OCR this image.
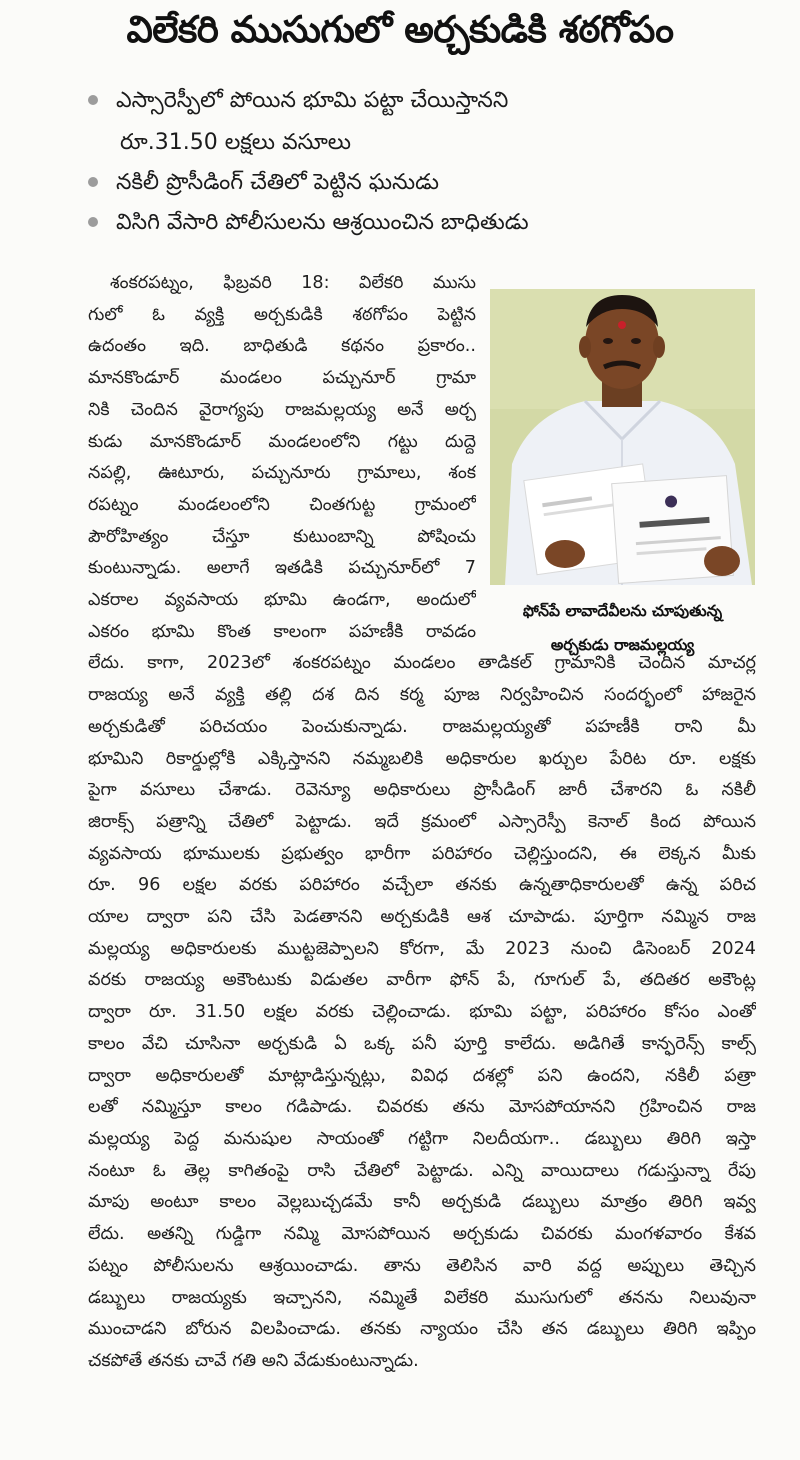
విలేకరి ముసుగులో అర్చకుడికి శఠగోపం
ఎస్సారెస్పీలో పోయిన భూమి పట్టా చేయిస్తానని
రూ.31.50 లక్షలు వసూలు
నకిలీ ప్రొసీడింగ్ చేతిలో పెట్టిన ఘనుడు
విసిగి వేసారి పోలీసులను ఆశ్రయించిన బాధితుడు
ఫోన్‌పే లావాదేవీలను చూపుతున్న
అర్చకుడు రాజమల్లయ్య
శంకరపట్నం, ఫిబ్రవరి 18: విలేకరి ముసు
గులో ఓ వ్యక్తి అర్చకుడికి శఠగోపం పెట్టిన
ఉదంతం ఇది. బాధితుడి కథనం ప్రకారం..
మానకొండూర్ మండలం పచ్చునూర్ గ్రామా
నికి చెందిన వైరాగ్యపు రాజమల్లయ్య అనే అర్చ
కుడు మానకొండూర్ మండలంలోని గట్టు దుద్దె
నపల్లి, ఊటూరు, పచ్చునూరు గ్రామాలు, శంక
రపట్నం మండలంలోని చింతగుట్ట గ్రామంలో
పౌరోహిత్యం చేస్తూ కుటుంబాన్ని పోషించు
కుంటున్నాడు. అలాగే ఇతడికి పచ్చునూర్‌లో 7
ఎకరాల వ్యవసాయ భూమి ఉండగా, అందులో
ఎకరం భూమి కొంత కాలంగా పహణీకి రావడం
లేదు. కాగా, 2023లో శంకరపట్నం మండలం తాడికల్ గ్రామానికి చెందిన మాచర్ల
రాజయ్య అనే వ్యక్తి తల్లి దశ దిన కర్మ పూజ నిర్వహించిన సందర్భంలో హాజరైన
అర్చకుడితో పరిచయం పెంచుకున్నాడు. రాజమల్లయ్యతో పహణీకి రాని మీ
భూమిని రికార్డుల్లోకి ఎక్కిస్తానని నమ్మబలికి అధికారుల ఖర్చుల పేరిట రూ. లక్షకు
పైగా వసూలు చేశాడు. రెవెన్యూ అధికారులు ప్రొసీడింగ్ జారీ చేశారని ఓ నకిలీ
జిరాక్స్ పత్రాన్ని చేతిలో పెట్టాడు. ఇదే క్రమంలో ఎస్సారెస్పీ కెనాల్ కింద పోయిన
వ్యవసాయ భూములకు ప్రభుత్వం భారీగా పరిహారం చెల్లిస్తుందని, ఈ లెక్కన మీకు
రూ. 96 లక్షల వరకు పరిహారం వచ్చేలా తనకు ఉన్నతాధికారులతో ఉన్న పరిచ
యాల ద్వారా పని చేసి పెడతానని అర్చకుడికి ఆశ చూపాడు. పూర్తిగా నమ్మిన రాజ
మల్లయ్య అధికారులకు ముట్టజెప్పాలని కోరగా, మే 2023 నుంచి డిసెంబర్ 2024
వరకు రాజయ్య అకౌంటుకు విడుతల వారీగా ఫోన్ పే, గూగుల్ పే, తదితర అకౌంట్ల
ద్వారా రూ. 31.50 లక్షల వరకు చెల్లించాడు. భూమి పట్టా, పరిహారం కోసం ఎంతో
కాలం వేచి చూసినా అర్చకుడి ఏ ఒక్క పనీ పూర్తి కాలేదు. అడిగితే కాన్ఫరెన్స్ కాల్స్
ద్వారా అధికారులతో మాట్లాడిస్తున్నట్లు, వివిధ దశల్లో పని ఉందని, నకిలీ పత్రా
లతో నమ్మిస్తూ కాలం గడిపాడు. చివరకు తను మోసపోయానని గ్రహించిన రాజ
మల్లయ్య పెద్ద మనుషుల సాయంతో గట్టిగా నిలదీయగా.. డబ్బులు తిరిగి ఇస్తా
నంటూ ఓ తెల్ల కాగితంపై రాసి చేతిలో పెట్టాడు. ఎన్ని వాయిదాలు గడుస్తున్నా రేపు
మాపు అంటూ కాలం వెల్లబుచ్చడమే కానీ అర్చకుడి డబ్బులు మాత్రం తిరిగి ఇవ్వ
లేదు. అతన్ని గుడ్డిగా నమ్మి మోసపోయిన అర్చకుడు చివరకు మంగళవారం కేశవ
పట్నం పోలీసులను ఆశ్రయించాడు. తాను తెలిసిన వారి వద్ద అప్పులు తెచ్చిన
డబ్బులు రాజయ్యకు ఇచ్చానని, నమ్మితే విలేకరి ముసుగులో తనను నిలువునా
ముంచాడని బోరున విలపించాడు. తనకు న్యాయం చేసి తన డబ్బులు తిరిగి ఇప్పిం
చకపోతే తనకు చావే గతి అని వేడుకుంటున్నాడు.
